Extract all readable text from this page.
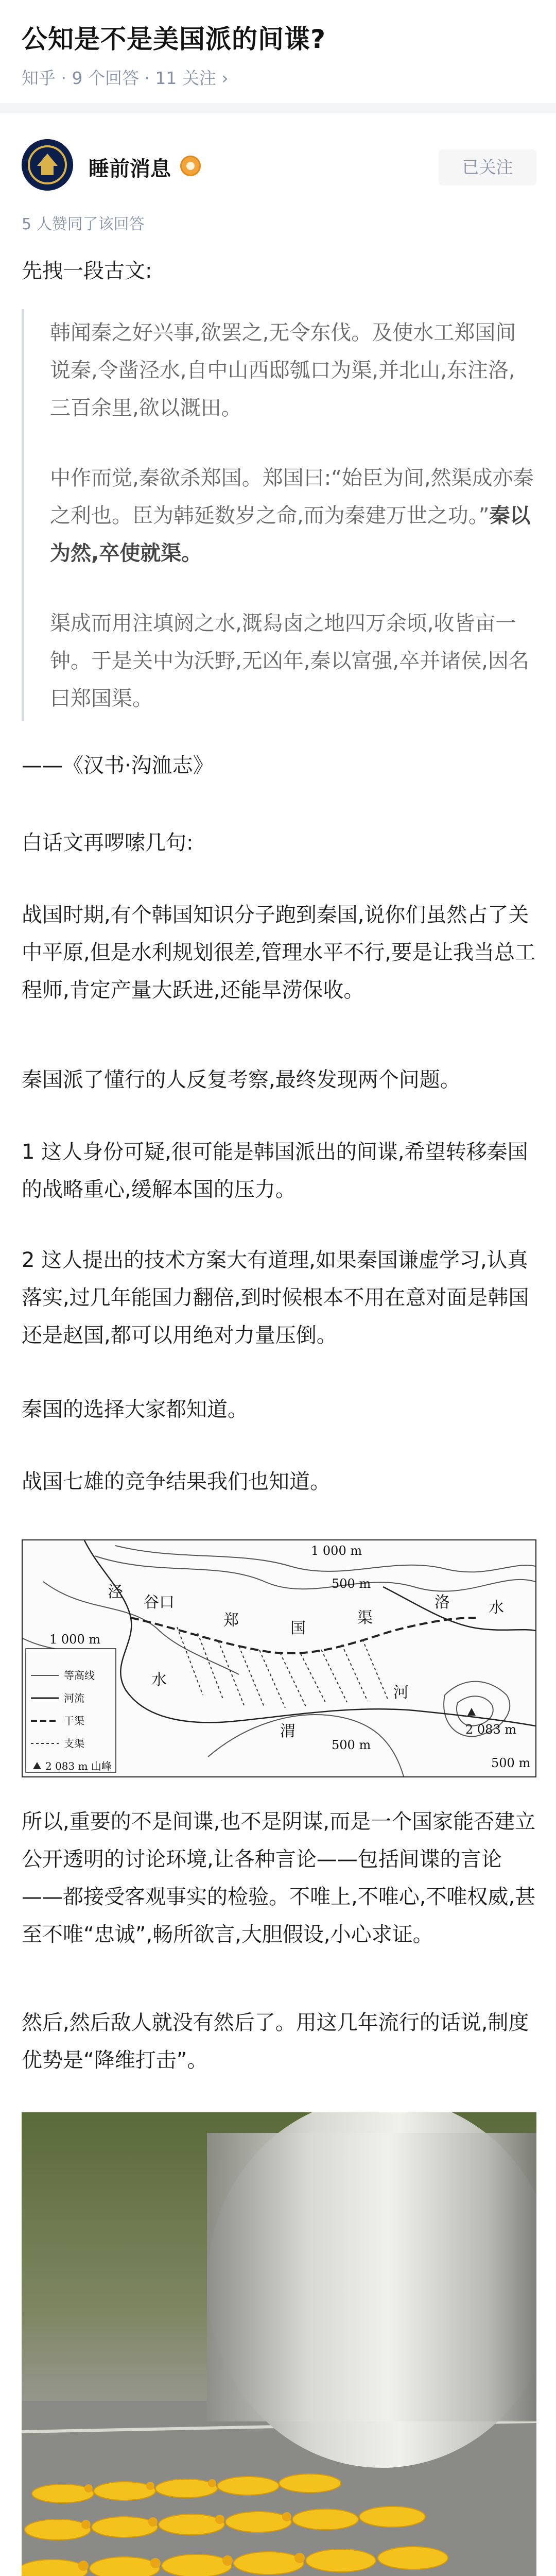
公知是不是美国派的间谍?
知乎 · 9 个回答 · 11 关注 ›
睡前消息	已关注
5 人赞同了该回答
先拽一段古文:

韩闻秦之好兴事,欲罢之,无令东伐。及使水工郑国间说秦,令凿泾水,自中山西邸瓠口为渠,并北山,东注洛,三百余里,欲以溉田。

中作而觉,秦欲杀郑国。郑国曰:“始臣为间,然渠成亦秦之利也。臣为韩延数岁之命,而为秦建万世之功。”秦以为然,卒使就渠。

渠成而用注填阏之水,溉舄卤之地四万余顷,收皆亩一钟。于是关中为沃野,无凶年,秦以富强,卒并诸侯,因名曰郑国渠。

——《汉书·沟洫志》
白话文再啰嗦几句:
战国时期,有个韩国知识分子跑到秦国,说你们虽然占了关中平原,但是水利规划很差,管理水平不行,要是让我当总工程师,肯定产量大跃进,还能旱涝保收。
秦国派了懂行的人反复考察,最终发现两个问题。
1 这人身份可疑,很可能是韩国派出的间谍,希望转移秦国的战略重心,缓解本国的压力。
2 这人提出的技术方案大有道理,如果秦国谦虚学习,认真落实,过几年能国力翻倍,到时候根本不用在意对面是韩国还是赵国,都可以用绝对力量压倒。
秦国的选择大家都知道。
战国七雄的竞争结果我们也知道。
1 000 m
500 m
1 000 m
500 m
500 m
2 083 m
谷口
泾
郑	国
渠
洛	水
水
河
渭
等高线
河流
干渠
支渠
2 083 m 山峰
所以,重要的不是间谍,也不是阴谋,而是一个国家能否建立公开透明的讨论环境,让各种言论——包括间谍的言论——都接受客观事实的检验。不唯上,不唯心,不唯权威,甚至不唯“忠诚”,畅所欲言,大胆假设,小心求证。
然后,然后敌人就没有然后了。用这几年流行的话说,制度优势是“降维打击”。
